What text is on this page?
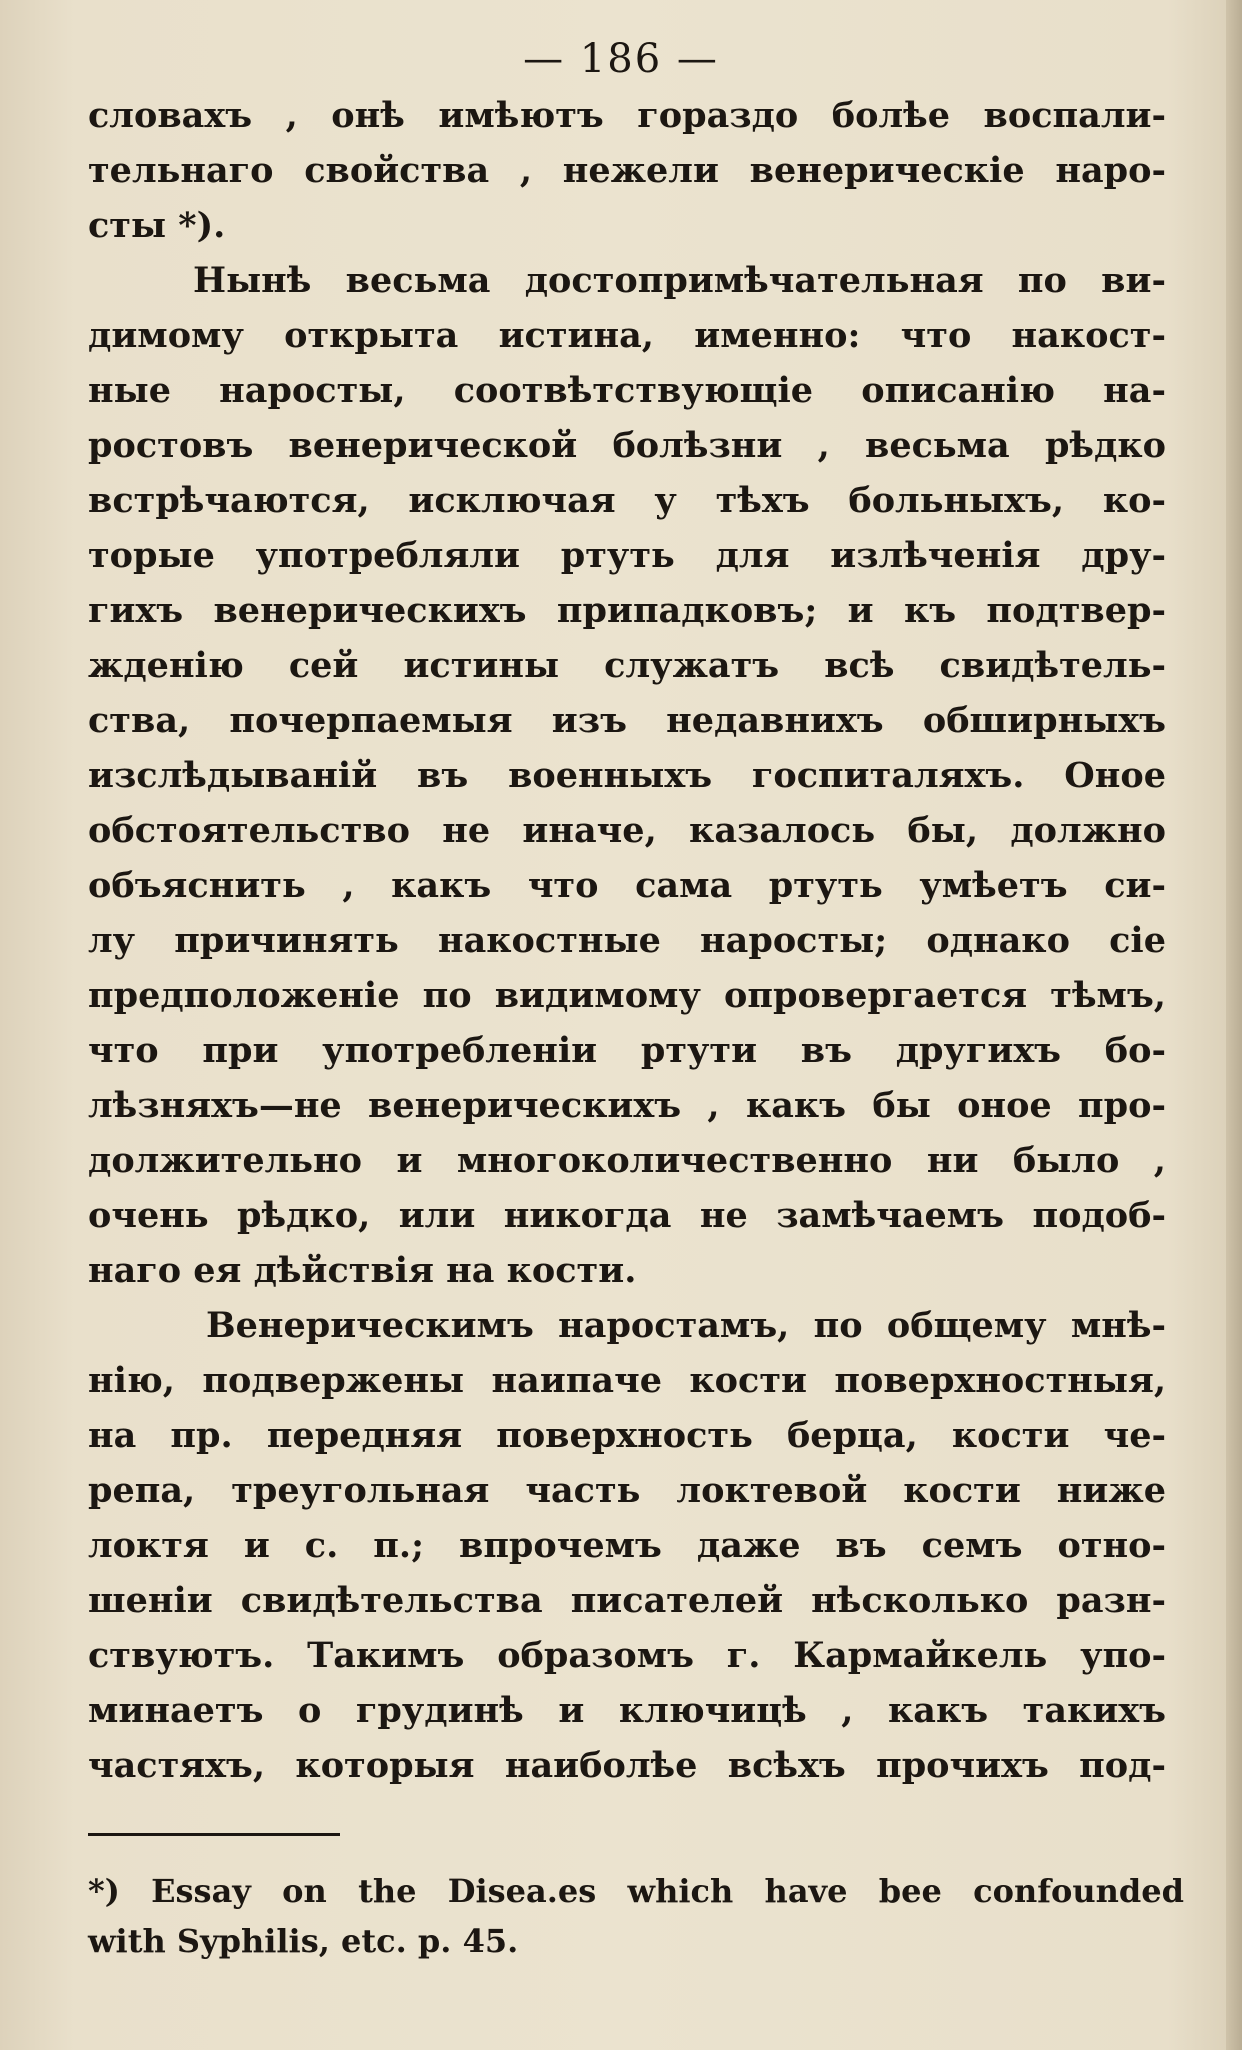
— 186 —
словахъ , онѣ имѣютъ гораздо болѣе воспали-
тельнаго свойства , нежели венерическіе наро-
сты *).
Нынѣ весьма достопримѣчательная по ви-
димому открыта истина, именно: что накост-
ные наросты, соотвѣтствующіе описанію на-
ростовъ венерической болѣзни , весьма рѣдко
встрѣчаются, исключая у тѣхъ больныхъ, ко-
торые употребляли ртуть для излѣченія дру-
гихъ венерическихъ припадковъ; и къ подтвер-
жденію сей истины служатъ всѣ свидѣтель-
ства, почерпаемыя изъ недавнихъ обширныхъ
изслѣдываній въ военныхъ госпиталяхъ. Оное
обстоятельство не иначе, казалось бы, должно
объяснить , какъ что сама ртуть умѣетъ си-
лу причинять накостные наросты; однако сіе
предположеніе по видимому опровергается тѣмъ,
что при употребленіи ртути въ другихъ бо-
лѣзняхъ—не венерическихъ , какъ бы оное про-
должительно и многоколичественно ни было ,
очень рѣдко, или никогда не замѣчаемъ подоб-
наго ея дѣйствія на кости.
Венерическимъ наростамъ, по общему мнѣ-
нію, подвержены наипаче кости поверхностныя,
на пр. передняя поверхность берца, кости че-
репа, треугольная часть локтевой кости ниже
локтя и с. п.; впрочемъ даже въ семъ отно-
шеніи свидѣтельства писателей нѣсколько разн-
ствуютъ. Такимъ образомъ г. Кармайкель упо-
минаетъ о грудинѣ и ключицѣ , какъ такихъ
частяхъ, которыя наиболѣе всѣхъ прочихъ под-
*) Essay on the Disea.es which have bee confounded
with Syphilis, etc. p. 45.
